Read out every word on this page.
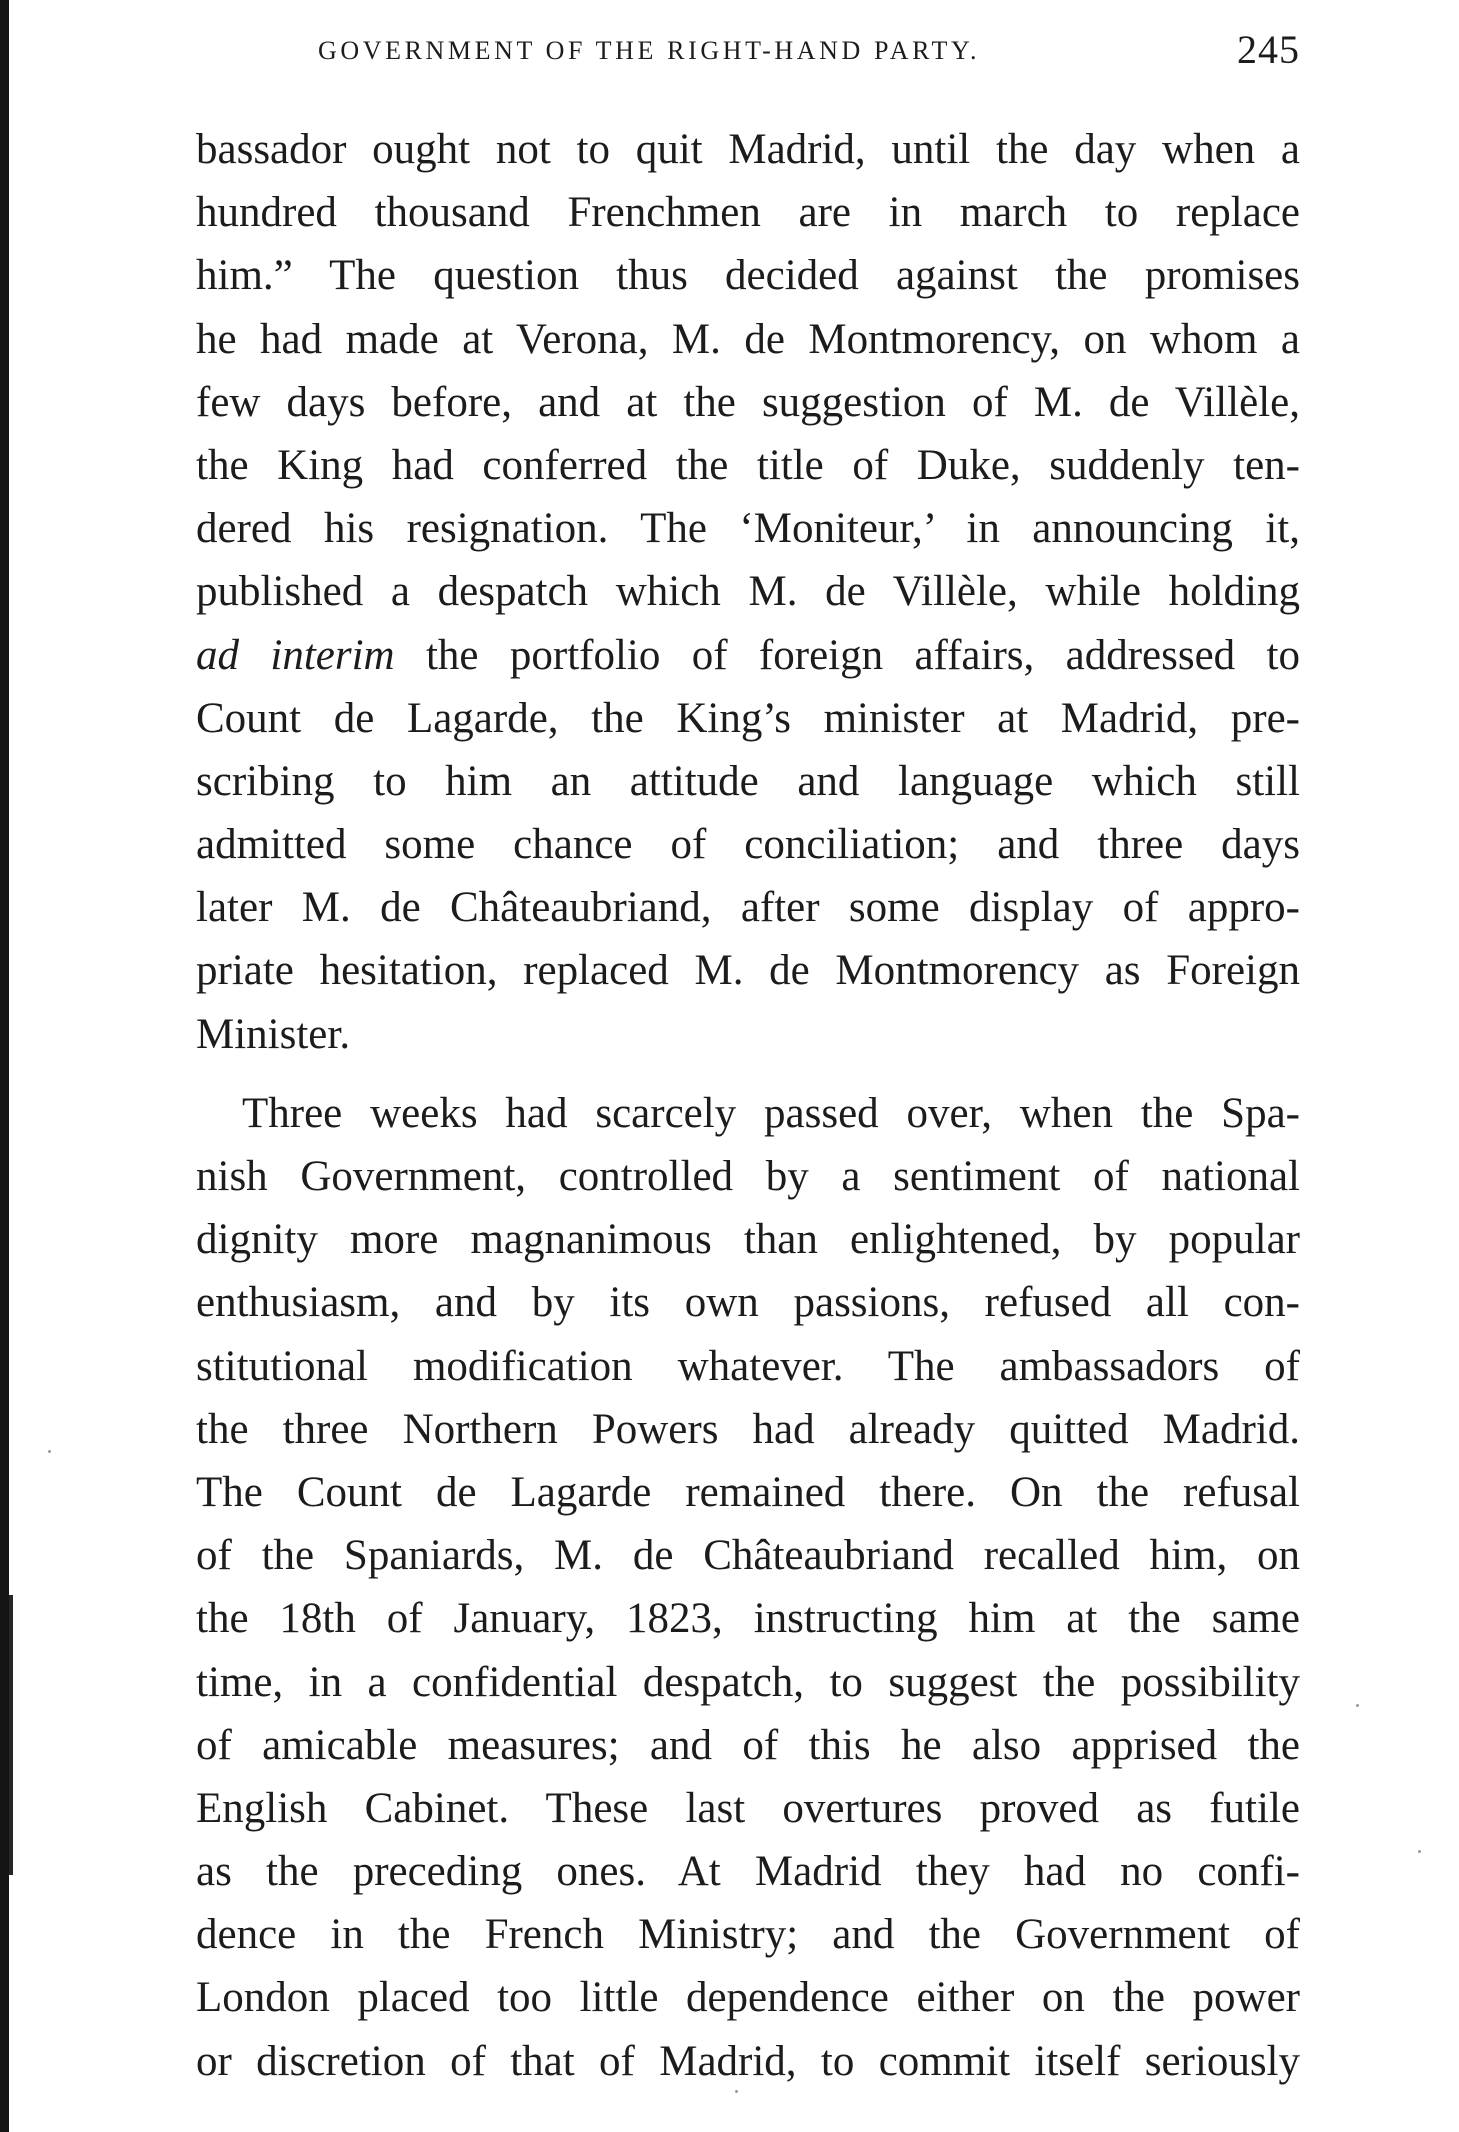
GOVERNMENT OF THE RIGHT-HAND PARTY.	245
bassador ought not to quit Madrid, until the day when a
hundred thousand Frenchmen are in march to replace
him.” The question thus decided against the promises
he had made at Verona, M. de Montmorency, on whom a
few days before, and at the suggestion of M. de Villèle,
the King had conferred the title of Duke, suddenly ten-
dered his resignation. The ‘Moniteur,’ in announcing it,
published a despatch which M. de Villèle, while holding
ad interim the portfolio of foreign affairs, addressed to
Count de Lagarde, the King’s minister at Madrid, pre-
scribing to him an attitude and language which still
admitted some chance of conciliation; and three days
later M. de Châteaubriand, after some display of appro-
priate hesitation, replaced M. de Montmorency as Foreign
Minister.
Three weeks had scarcely passed over, when the Spa-
nish Government, controlled by a sentiment of national
dignity more magnanimous than enlightened, by popular
enthusiasm, and by its own passions, refused all con-
stitutional modification whatever. The ambassadors of
the three Northern Powers had already quitted Madrid.
The Count de Lagarde remained there. On the refusal
of the Spaniards, M. de Châteaubriand recalled him, on
the 18th of January, 1823, instructing him at the same
time, in a confidential despatch, to suggest the possibility
of amicable measures; and of this he also apprised the
English Cabinet. These last overtures proved as futile
as the preceding ones. At Madrid they had no confi-
dence in the French Ministry; and the Government of
London placed too little dependence either on the power
or discretion of that of Madrid, to commit itself seriously
